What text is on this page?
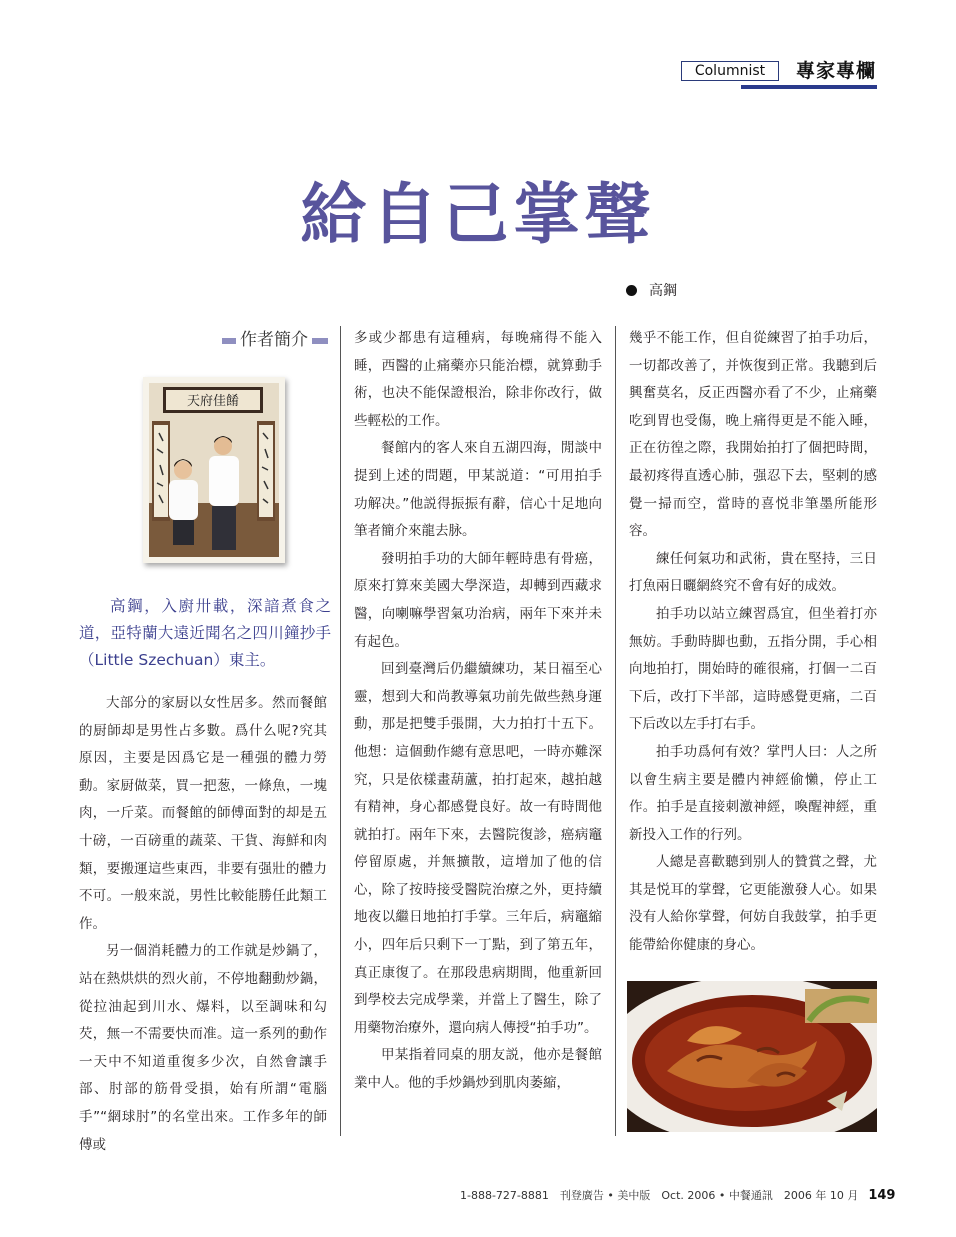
Columnist	專家專欄
給自己掌聲
高鋼
作者簡介
天府佳餚

高鋼，入廚卅載，深諳煮食之道，亞特蘭大遠近聞名之四川鐘抄手（Little Szechuan）東主。

大部分的家厨以女性居多。然而餐館的厨師却是男性占多數。爲什么呢?究其原因，主要是因爲它是一種强的體力勞動。家厨做菜，買一把葱，一條魚，一塊肉，一斤菜。而餐館的師傅面對的却是五十磅，一百磅重的蔬菜、干貨、海鮮和肉類，要搬運這些東西，非要有强壯的體力不可。一般來説，男性比較能勝任此類工作。

另一個消耗體力的工作就是炒鍋了，站在熱烘烘的烈火前，不停地翻動炒鍋，從拉油起到川水、爆料，以至調味和勾芡，無一不需要快而准。這一系列的動作一天中不知道重復多少次，自然會讓手部、肘部的筋骨受損，始有所謂“電腦手”“網球肘”的名堂出來。工作多年的師傅或

多或少都患有這種病，每晚痛得不能入睡，西醫的止痛藥亦只能治標，就算動手術，也决不能保證根治，除非你改行，做些輕松的工作。

餐館内的客人來自五湖四海，閒談中提到上述的問題，甲某説道：“可用拍手功解决。”他説得振振有辭，信心十足地向筆者簡介來龍去脉。

發明拍手功的大師年輕時患有骨癌，原來打算來美國大學深造，却轉到西藏求醫，向喇嘛學習氣功治病，兩年下來并未有起色。

回到臺灣后仍繼續練功，某日福至心靈，想到大和尚教導氣功前先做些熱身運動，那是把雙手張開，大力拍打十五下。他想：這個動作總有意思吧，一時亦難深究，只是依樣畫葫蘆，拍打起來，越拍越有精神，身心都感覺良好。故一有時間他就拍打。兩年下來，去醫院復診，癌病竈停留原處，并無擴散，這增加了他的信心，除了按時接受醫院治療之外，更持續地夜以繼日地拍打手掌。三年后，病竈縮小，四年后只剩下一丁點，到了第五年，真正康復了。在那段患病期間，他重新回到學校去完成學業，并當上了醫生，除了用藥物治療外，還向病人傳授“拍手功”。

甲某指着同桌的朋友説，他亦是餐館業中人。他的手炒鍋炒到肌肉萎縮，

幾乎不能工作，但自從練習了拍手功后，一切都改善了，并恢復到正常。我聽到后興奮莫名，反正西醫亦看了不少，止痛藥吃到胃也受傷，晚上痛得更是不能入睡，正在彷徨之際，我開始拍打了個把時間，最初疼得直透心肺，强忍下去，堅剌的感覺一掃而空，當時的喜悦非筆墨所能形容。

練任何氣功和武術，貴在堅持，三日打魚兩日曬網終究不會有好的成效。

拍手功以站立練習爲宜，但坐着打亦無妨。手動時脚也動，五指分開，手心相向地拍打，開始時的確很痛，打個一二百下后，改打下半部，這時感覺更痛，二百下后改以左手打右手。

拍手功爲何有效？掌門人曰：人之所以會生病主要是體内神經偷懶，停止工作。拍手是直接刺激神經，喚醒神經，重新投入工作的行列。

人總是喜歡聽到别人的贊賞之聲，尤其是悦耳的掌聲，它更能激發人心。如果没有人給你掌聲，何妨自我鼓掌，拍手更能帶給你健康的身心。

1-888-727-8881　刊登廣告 • 美中版　Oct. 2006 • 中餐通訊　2006 年 10 月 149
